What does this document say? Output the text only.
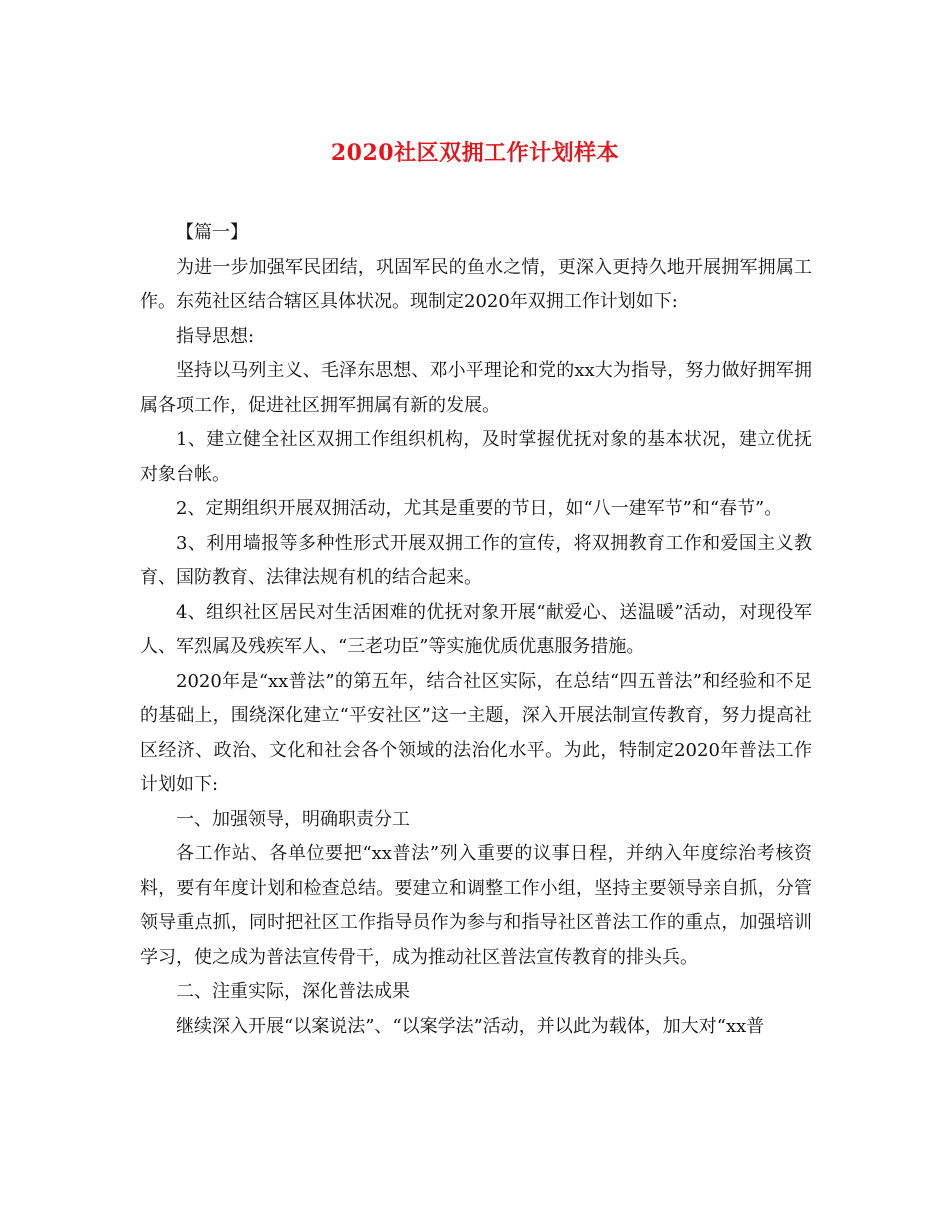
2020社区双拥工作计划样本

【篇一】

为进一步加强军民团结，巩固军民的鱼水之情，更深入更持久地开展拥军拥属工作。东苑社区结合辖区具体状况。现制定2020年双拥工作计划如下:

指导思想:

坚持以马列主义、毛泽东思想、邓小平理论和党的xx大为指导，努力做好拥军拥属各项工作，促进社区拥军拥属有新的发展。

1、建立健全社区双拥工作组织机构，及时掌握优抚对象的基本状况，建立优抚对象台帐。

2、定期组织开展双拥活动，尤其是重要的节日，如“八一建军节”和“春节”。

3、利用墙报等多种性形式开展双拥工作的宣传，将双拥教育工作和爱国主义教育、国防教育、法律法规有机的结合起来。

4、组织社区居民对生活困难的优抚对象开展“献爱心、送温暖”活动，对现役军人、军烈属及残疾军人、“三老功臣”等实施优质优惠服务措施。

2020年是“xx普法”的第五年，结合社区实际，在总结“四五普法”和经验和不足的基础上，围绕深化建立“平安社区”这一主题，深入开展法制宣传教育，努力提高社区经济、政治、文化和社会各个领域的法治化水平。为此，特制定2020年普法工作计划如下:

一、加强领导，明确职责分工

各工作站、各单位要把“xx普法”列入重要的议事日程，并纳入年度综治考核资料，要有年度计划和检查总结。要建立和调整工作小组，坚持主要领导亲自抓，分管领导重点抓，同时把社区工作指导员作为参与和指导社区普法工作的重点，加强培训学习，使之成为普法宣传骨干，成为推动社区普法宣传教育的排头兵。

二、注重实际，深化普法成果

继续深入开展“以案说法”、“以案学法”活动，并以此为载体，加大对“xx普
